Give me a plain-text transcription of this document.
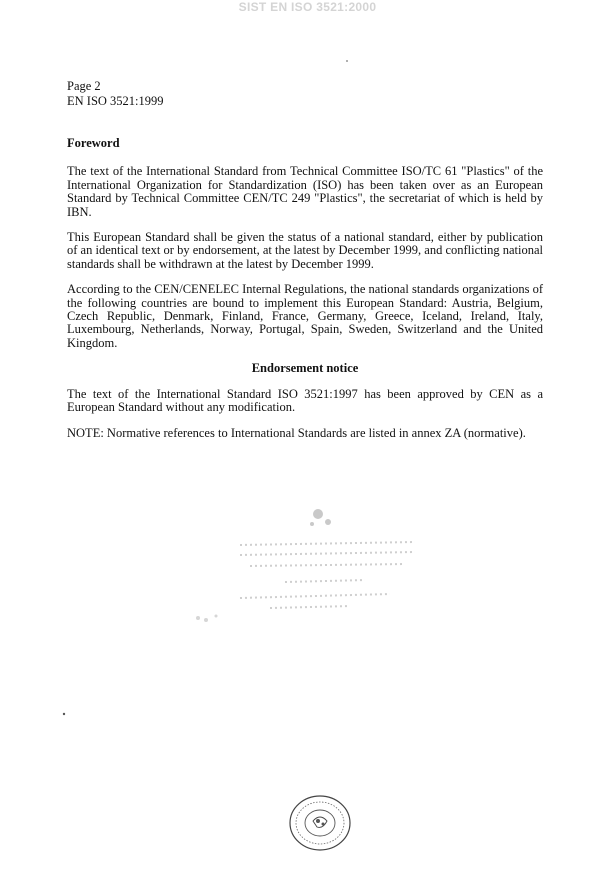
SIST EN ISO 3521:2000
Page 2
EN ISO 3521:1999
Foreword

The text of the International Standard from Technical Committee ISO/TC 61 "Plastics" of the International Organization for Standardization (ISO) has been taken over as an European Standard by Technical Committee CEN/TC 249 "Plastics", the secretariat of which is held by IBN.

This European Standard shall be given the status of a national standard, either by publication of an identical text or by endorsement, at the latest by December 1999, and conflicting national standards shall be withdrawn at the latest by December 1999.

According to the CEN/CENELEC Internal Regulations, the national standards organizations of the following countries are bound to implement this European Standard: Austria, Belgium, Czech Republic, Denmark, Finland, France, Germany, Greece, Iceland, Ireland, Italy, Luxembourg, Netherlands, Norway, Portugal, Spain, Sweden, Switzerland and the United Kingdom.

Endorsement notice

The text of the International Standard ISO 3521:1997 has been approved by CEN as a European Standard without any modification.

NOTE: Normative references to International Standards are listed in annex ZA (normative).
